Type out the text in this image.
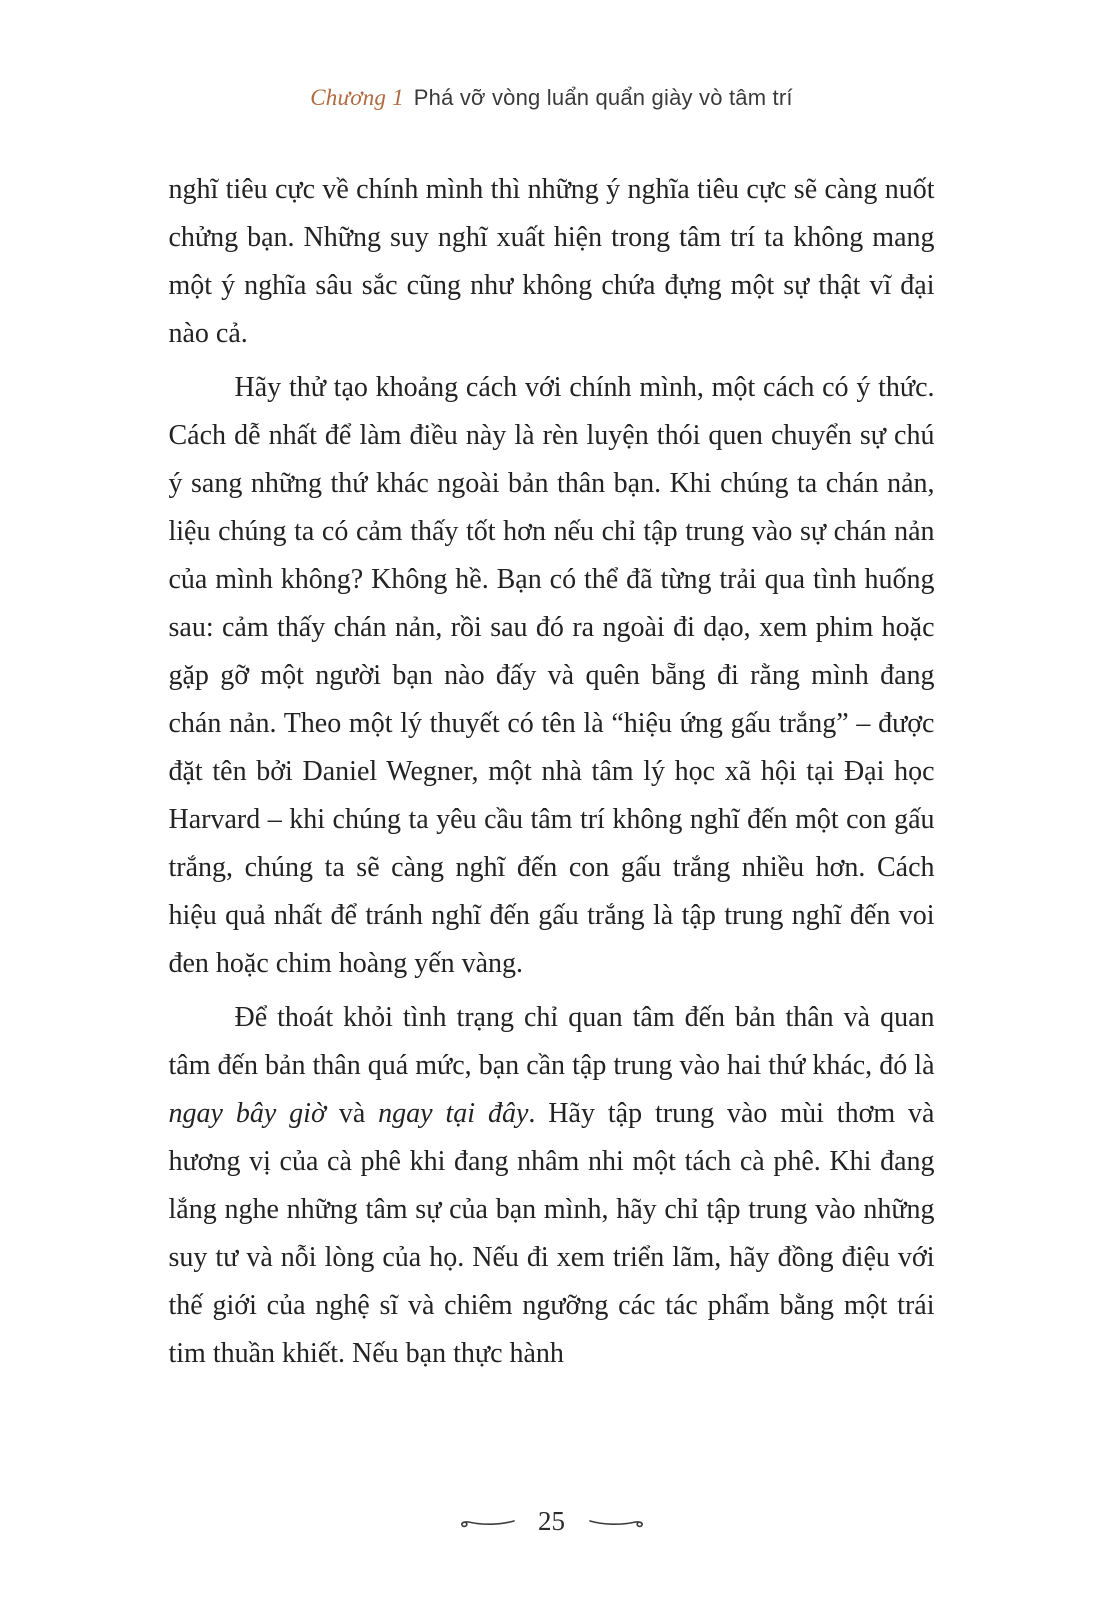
Chương 1 Phá vỡ vòng luẩn quẩn giày vò tâm trí

nghĩ tiêu cực về chính mình thì những ý nghĩa tiêu cực sẽ càng nuốt chửng bạn. Những suy nghĩ xuất hiện trong tâm trí ta không mang một ý nghĩa sâu sắc cũng như không chứa đựng một sự thật vĩ đại nào cả.

Hãy thử tạo khoảng cách với chính mình, một cách có ý thức. Cách dễ nhất để làm điều này là rèn luyện thói quen chuyển sự chú ý sang những thứ khác ngoài bản thân bạn. Khi chúng ta chán nản, liệu chúng ta có cảm thấy tốt hơn nếu chỉ tập trung vào sự chán nản của mình không? Không hề. Bạn có thể đã từng trải qua tình huống sau: cảm thấy chán nản, rồi sau đó ra ngoài đi dạo, xem phim hoặc gặp gỡ một người bạn nào đấy và quên bẵng đi rằng mình đang chán nản. Theo một lý thuyết có tên là “hiệu ứng gấu trắng” – được đặt tên bởi Daniel Wegner, một nhà tâm lý học xã hội tại Đại học Harvard – khi chúng ta yêu cầu tâm trí không nghĩ đến một con gấu trắng, chúng ta sẽ càng nghĩ đến con gấu trắng nhiều hơn. Cách hiệu quả nhất để tránh nghĩ đến gấu trắng là tập trung nghĩ đến voi đen hoặc chim hoàng yến vàng.

Để thoát khỏi tình trạng chỉ quan tâm đến bản thân và quan tâm đến bản thân quá mức, bạn cần tập trung vào hai thứ khác, đó là ngay bây giờ và ngay tại đây. Hãy tập trung vào mùi thơm và hương vị của cà phê khi đang nhâm nhi một tách cà phê. Khi đang lắng nghe những tâm sự của bạn mình, hãy chỉ tập trung vào những suy tư và nỗi lòng của họ. Nếu đi xem triển lãm, hãy đồng điệu với thế giới của nghệ sĩ và chiêm ngưỡng các tác phẩm bằng một trái tim thuần khiết. Nếu bạn thực hành

25
